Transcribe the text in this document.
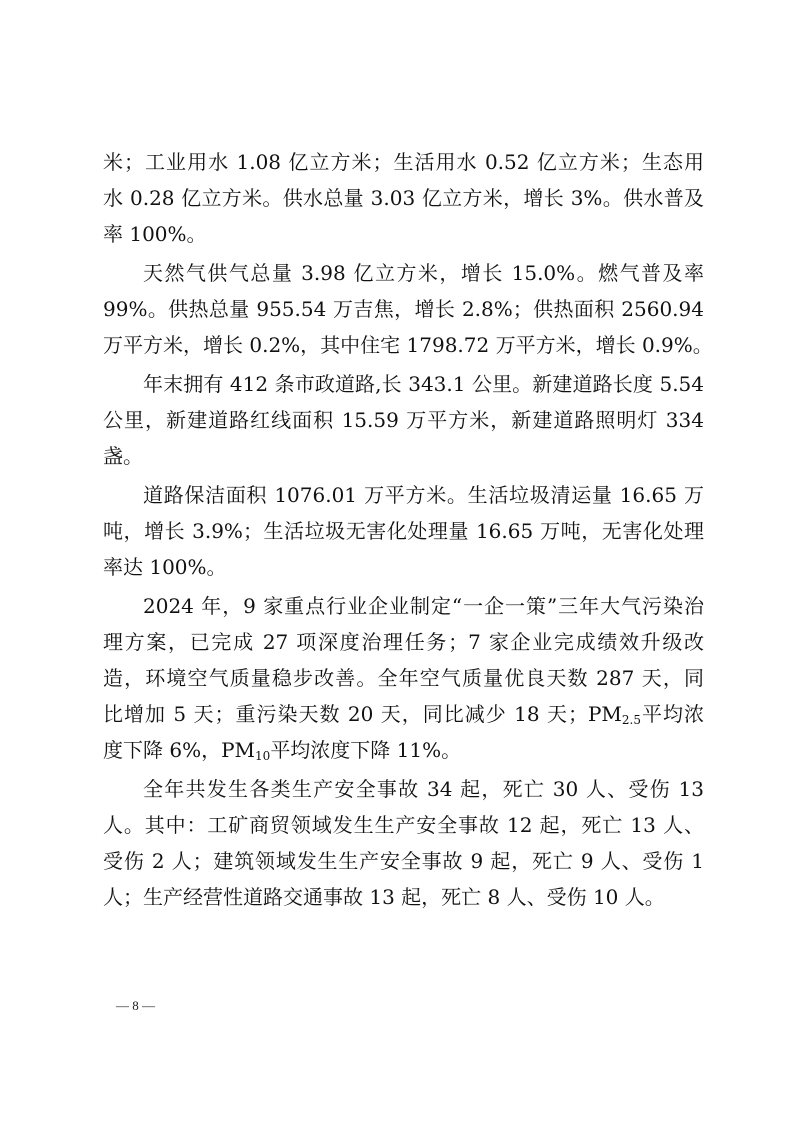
米；工业用水 1.08 亿立方米；生活用水 0.52 亿立方米；生态用
水 0.28 亿立方米。供水总量 3.03 亿立方米，增长 3%。供水普及
率 100%。
天然气供气总量 3.98 亿立方米，增长 15.0%。燃气普及率
99%。供热总量 955.54 万吉焦，增长 2.8%；供热面积 2560.94
万平方米，增长 0.2%，其中住宅 1798.72 万平方米，增长 0.9%。
年末拥有 412 条市政道路,长 343.1 公里。新建道路长度 5.54
公里，新建道路红线面积 15.59 万平方米，新建道路照明灯 334
盏。
道路保洁面积 1076.01 万平方米。生活垃圾清运量 16.65 万
吨，增长 3.9%；生活垃圾无害化处理量 16.65 万吨，无害化处理
率达 100%。
2024 年，9 家重点行业企业制定“一企一策”三年大气污染治
理方案，已完成 27 项深度治理任务；7 家企业完成绩效升级改
造，环境空气质量稳步改善。全年空气质量优良天数 287 天，同
比增加 5 天；重污染天数 20 天，同比减少 18 天；$PM_{2.5}$平均浓
度下降 6%，$PM_{10}$平均浓度下降 11%。
全年共发生各类生产安全事故 34 起，死亡 30 人、受伤 13
人。其中：工矿商贸领域发生生产安全事故 12 起，死亡 13 人、
受伤 2 人；建筑领域发生生产安全事故 9 起，死亡 9 人、受伤 1
人；生产经营性道路交通事故 13 起，死亡 8 人、受伤 10 人。
— 8 —
